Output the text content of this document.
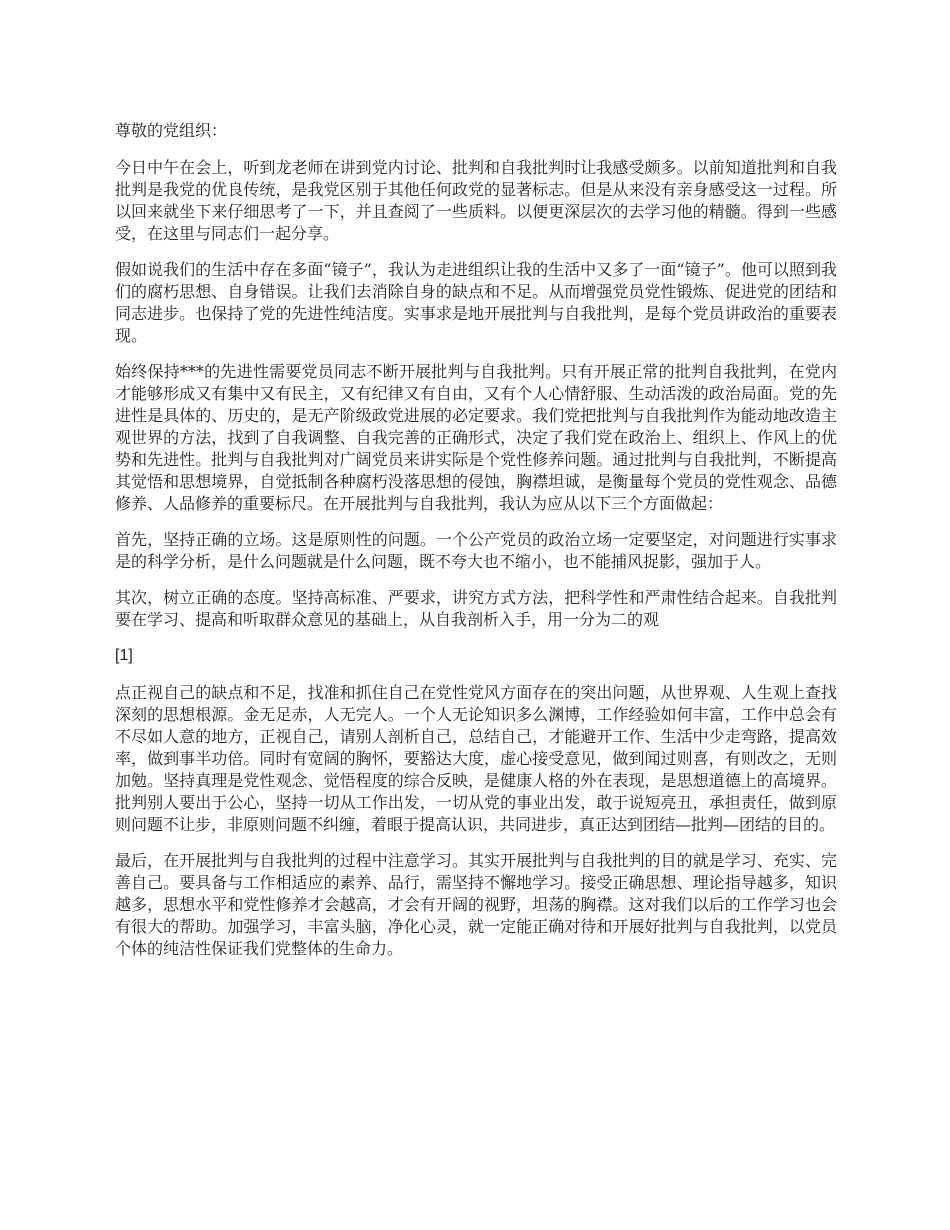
尊敬的党组织：

今日中午在会上，听到龙老师在讲到党内讨论、批判和自我批判时让我感受颇多。以前知道批判和自我批判是我党的优良传统，是我党区别于其他任何政党的显著标志。但是从来没有亲身感受这一过程。所以回来就坐下来仔细思考了一下，并且查阅了一些质料。以便更深层次的去学习他的精髓。得到一些感受，在这里与同志们一起分享。

假如说我们的生活中存在多面“镜子”，我认为走进组织让我的生活中又多了一面“镜子”。他可以照到我们的腐朽思想、自身错误。让我们去消除自身的缺点和不足。从而增强党员党性锻炼、促进党的团结和同志进步。也保持了党的先进性纯洁度。实事求是地开展批判与自我批判，是每个党员讲政治的重要表现。

始终保持***的先进性需要党员同志不断开展批判与自我批判。只有开展正常的批判自我批判，在党内才能够形成又有集中又有民主，又有纪律又有自由，又有个人心情舒服、生动活泼的政治局面。党的先进性是具体的、历史的，是无产阶级政党进展的必定要求。我们党把批判与自我批判作为能动地改造主观世界的方法，找到了自我调整、自我完善的正确形式，决定了我们党在政治上、组织上、作风上的优势和先进性。批判与自我批判对广阔党员来讲实际是个党性修养问题。通过批判与自我批判，不断提高其觉悟和思想境界，自觉抵制各种腐朽没落思想的侵蚀，胸襟坦诚，是衡量每个党员的党性观念、品德修养、人品修养的重要标尺。在开展批判与自我批判，我认为应从以下三个方面做起：

首先，坚持正确的立场。这是原则性的问题。一个公产党员的政治立场一定要坚定，对问题进行实事求是的科学分析，是什么问题就是什么问题，既不夸大也不缩小，也不能捕风捉影，强加于人。

其次，树立正确的态度。坚持高标准、严要求，讲究方式方法，把科学性和严肃性结合起来。自我批判要在学习、提高和听取群众意见的基础上，从自我剖析入手，用一分为二的观

[1]

点正视自己的缺点和不足，找准和抓住自己在党性党风方面存在的突出问题，从世界观、人生观上查找深刻的思想根源。金无足赤，人无完人。一个人无论知识多么渊博，工作经验如何丰富，工作中总会有不尽如人意的地方，正视自己，请别人剖析自己，总结自己，才能避开工作、生活中少走弯路，提高效率，做到事半功倍。同时有宽阔的胸怀，要豁达大度，虚心接受意见，做到闻过则喜，有则改之，无则加勉。坚持真理是党性观念、觉悟程度的综合反映，是健康人格的外在表现，是思想道德上的高境界。批判别人要出于公心，坚持一切从工作出发，一切从党的事业出发，敢于说短亮丑，承担责任，做到原则问题不让步，非原则问题不纠缠，着眼于提高认识，共同进步，真正达到团结—批判—团结的目的。

最后，在开展批判与自我批判的过程中注意学习。其实开展批判与自我批判的目的就是学习、充实、完善自己。要具备与工作相适应的素养、品行，需坚持不懈地学习。接受正确思想、理论指导越多，知识越多，思想水平和党性修养才会越高，才会有开阔的视野，坦荡的胸襟。这对我们以后的工作学习也会有很大的帮助。加强学习，丰富头脑，净化心灵，就一定能正确对待和开展好批判与自我批判，以党员个体的纯洁性保证我们党整体的生命力。
